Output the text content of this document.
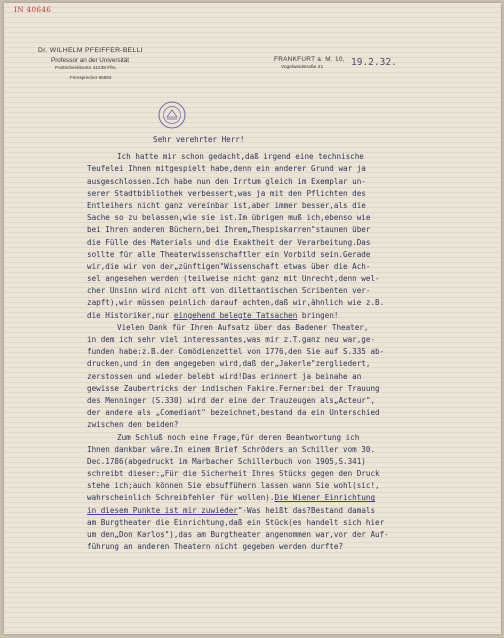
IN 40646
Dr. WILHELM PFEIFFER-BELLI
Professor an der Universität
Postscheckkonto 41238 Ffm.
Fernsprecher 65593
FRANKFURT a. M. 10,
Vogelweidstraße 21	19.2.32.
Sehr verehrter Herr!
Ich hatte mir schon gedacht,daß irgend eine technische
Teufelei Ihnen mitgespielt habe,denn ein anderer Grund war ja
ausgeschlossen.Ich habe nun den Irrtum gleich im Exemplar un-
serer Stadtbibliothek verbessert,was ja mit den Pflichten des
Entleihers nicht ganz vereinbar ist,aber immer besser,als die
Sache so zu belassen,wie sie ist.Im übrigen muß ich,ebenso wie
bei Ihren anderen Büchern,bei Ihrem„Thespiskarren"staunen über
die Fülle des Materials und die Exaktheit der Verarbeitung.Das
sollte für alle Theaterwissenschaftler ein Vorbild sein.Gerade
wir,die wir von der„zünftigen"Wissenschaft etwas über die Ach-
sel angesehen werden (teilweise nicht ganz mit Unrecht,denn wel-
cher Unsinn wird nicht oft von dilettantischen Scribenten ver-
zapft),wir müssen peinlich darauf achten,daß wir,ähnlich wie z.B.
die Historiker,nur eingehend belegte Tatsachen bringen!
Vielen Dank für Ihren Aufsatz über das Badener Theater,
in dem ich sehr viel interessantes,was mir z.T.ganz neu war,ge-
funden habe:z.B.der Comödienzettel von 1776,den Sie auf S.335 ab-
drucken,und in dem angegeben wird,daß der„Jakerle"zergliedert,
zerstossen und wieder belebt wird!Das erinnert ja beinahe an
gewisse Zaubertricks der indischen Fakire.Ferner:bei der Trauung
des Menninger (S.330) wird der eine der Trauzeugen als„Acteur",
der andere als „Comediant" bezeichnet,bestand da ein Unterschied
zwischen den beiden?
Zum Schluß noch eine Frage,für deren Beantwortung ich
Ihnen dankbar wäre.In einem Brief Schröders an Schiller vom 30.
Dec.1786(abgedruckt im Marbacher Schillerbuch von 1905,S.341)
schreibt dieser:„Für die Sicherheit Ihres Stücks gegen den Druck
stehe ich;auch können Sie ebsuffühern lassen wann Sie wohl(sic!,
wahrscheinlich Schreibfehler für wollen).Die Wiener Einrichtung
in diesem Punkte ist mir zuwieder"-Was heißt das?Bestand damals
am Burgtheater die Einrichtung,daß ein Stück(es handelt sich hier
um den„Don Karlos"),das am Burgtheater angenommen war,vor der Auf-
führung an anderen Theatern nicht gegeben werden durfte?
